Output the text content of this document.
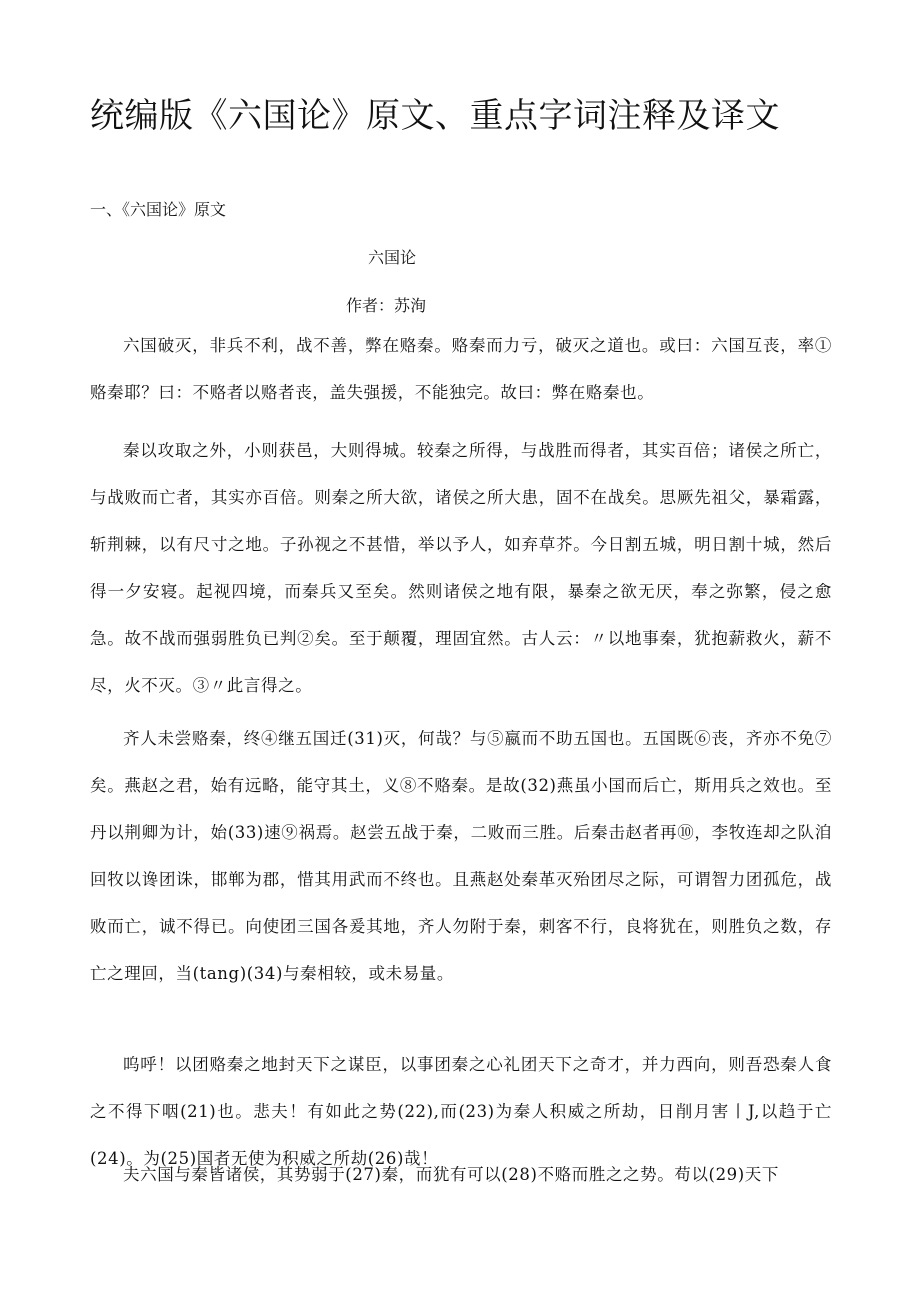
统编版《六国论》原文、重点字词注释及译文
一、《六国论》原文
六国论
作者：苏洵

六国破灭，非兵不利，战不善，弊在赂秦。赂秦而力亏，破灭之道也。或曰：六国互丧，率①赂秦耶？曰：不赂者以赂者丧，盖失强援，不能独完。故曰：弊在赂秦也。

秦以攻取之外，小则获邑，大则得城。较秦之所得，与战胜而得者，其实百倍；诸侯之所亡，与战败而亡者，其实亦百倍。则秦之所大欲，诸侯之所大患，固不在战矣。思厥先祖父，暴霜露，斩荆棘，以有尺寸之地。子孙视之不甚惜，举以予人，如弃草芥。今日割五城，明日割十城，然后得一夕安寝。起视四境，而秦兵又至矣。然则诸侯之地有限，暴秦之欲无厌，奉之弥繁，侵之愈急。故不战而强弱胜负已判②矣。至于颠覆，理固宜然。古人云：〃以地事秦，犹抱薪救火，薪不尽，火不灭。③〃此言得之。

齐人未尝赂秦，终④继五国迁(31)灭，何哉？与⑤嬴而不助五国也。五国既⑥丧，齐亦不免⑦矣。燕赵之君，始有远略，能守其土，义⑧不赂秦。是故(32)燕虽小国而后亡，斯用兵之效也。至丹以荆卿为计，始(33)速⑨祸焉。赵尝五战于秦，二败而三胜。后秦击赵者再⑩，李牧连却之队洎回牧以谗团诛，邯郸为郡，惜其用武而不终也。且燕赵处秦革灭殆团尽之际，可谓智力团孤危，战败而亡，诚不得已。向使团三国各爰其地，齐人勿附于秦，刺客不行，良将犹在，则胜负之数，存亡之理回，当(tang)(34)与秦相较，或未易量。

呜呼！以团赂秦之地封天下之谋臣，以事团秦之心礼团天下之奇才，并力西向，则吾恐秦人食之不得下咽(21)也。悲夫！有如此之势(22),而(23)为秦人积威之所劫，日削月害丨J,以趋于亡(24)。为(25)国者无使为积威之所劫(26)哉！

夫六国与秦皆诸侯，其势弱于(27)秦，而犹有可以(28)不赂而胜之之势。苟以(29)天下
